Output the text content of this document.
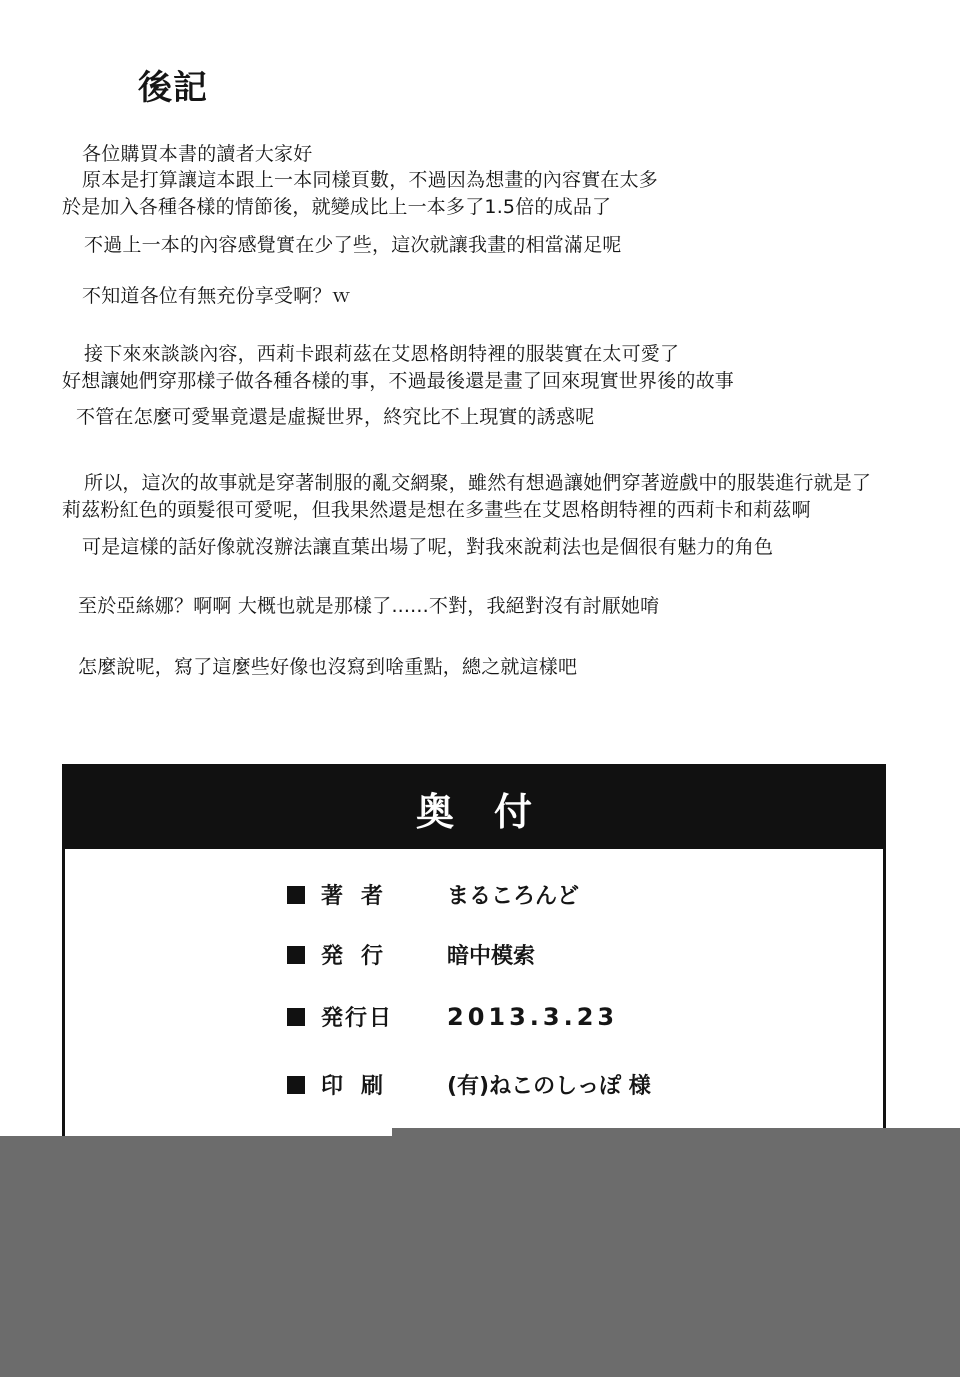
後記
各位購買本書的讀者大家好
原本是打算讓這本跟上一本同樣頁數，不過因為想畫的內容實在太多
於是加入各種各樣的情節後，就變成比上一本多了1.5倍的成品了
不過上一本的內容感覺實在少了些，這次就讓我畫的相當滿足呢
不知道各位有無充份享受啊？ｗ
接下來來談談內容，西莉卡跟莉茲在艾恩格朗特裡的服裝實在太可愛了
好想讓她們穿那樣子做各種各樣的事，不過最後還是畫了回來現實世界後的故事
不管在怎麼可愛畢竟還是虛擬世界，終究比不上現實的誘惑呢
所以，這次的故事就是穿著制服的亂交網聚，雖然有想過讓她們穿著遊戲中的服裝進行就是了
莉茲粉紅色的頭髮很可愛呢，但我果然還是想在多畫些在艾恩格朗特裡的西莉卡和莉茲啊
可是這樣的話好像就沒辦法讓直葉出場了呢，對我來說莉法也是個很有魅力的角色
至於亞絲娜？啊啊 大概也就是那樣了......不對，我絕對沒有討厭她唷
怎麼說呢，寫了這麼些好像也沒寫到啥重點，總之就這樣吧
奥付
著者	まるころんど
発行	暗中模索
発行日	2013.3.23
印刷	(有)ねこのしっぽ 様
